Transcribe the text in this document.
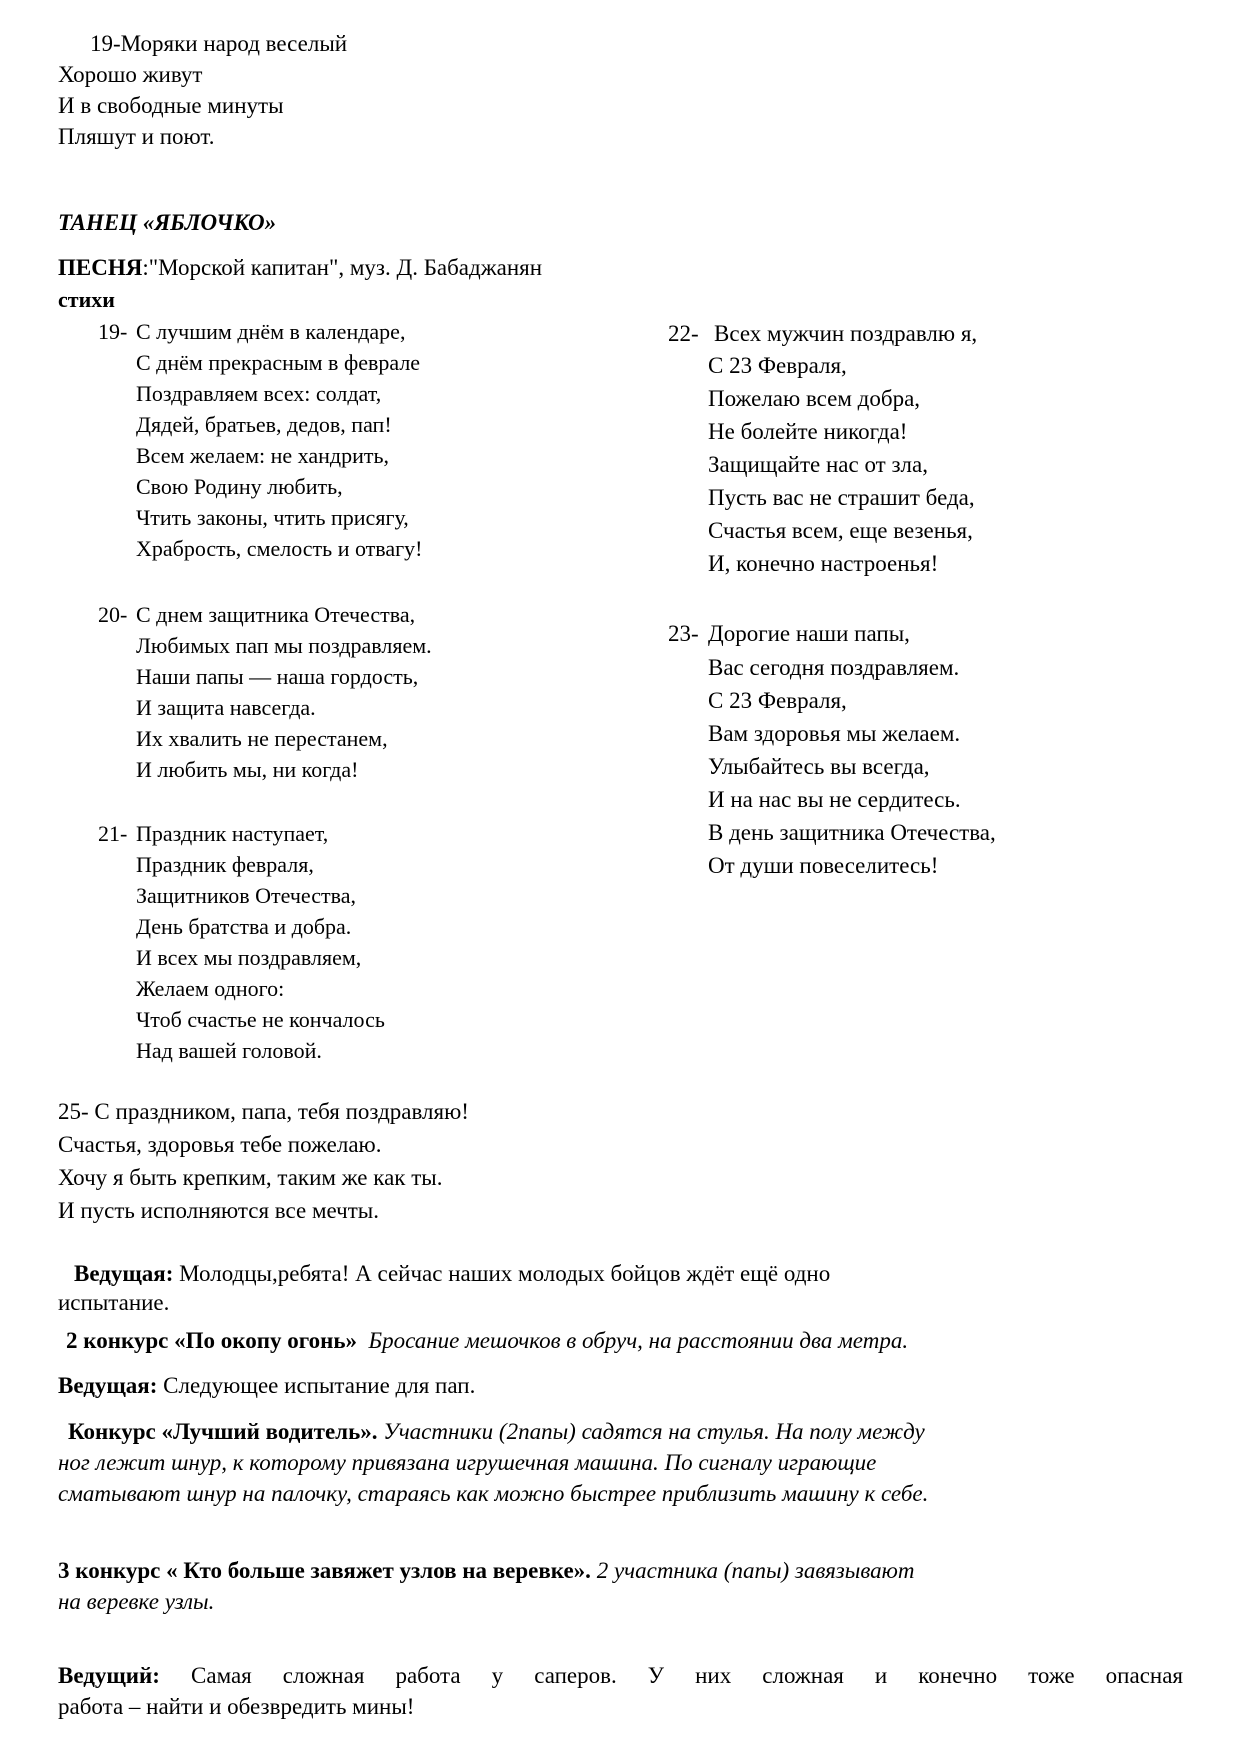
19-Моряки народ веселый
Хорошо живут
И в свободные минуты
Пляшут и поют.
ТАНЕЦ «ЯБЛОЧКО»
ПЕСНЯ:"Морской капитан", муз. Д. Бабаджанян
стихи
19- С лучшим днём в календаре,
С днём прекрасным в феврале
Поздравляем всех: солдат,
Дядей, братьев, дедов, пап!
Всем желаем: не хандрить,
Свою Родину любить,
Чтить законы, чтить присягу,
Храбрость, смелость и отвагу!
20- С днем защитника Отечества,
Любимых пап мы поздравляем.
Наши папы — наша гордость,
И защита навсегда.
Их хвалить не перестанем,
И любить мы, ни когда!
21- Праздник наступает,
Праздник февраля,
Защитников Отечества,
День братства и добра.
И всех мы поздравляем,
Желаем одного:
Чтоб счастье не кончалось
Над вашей головой.
22- Всех мужчин поздравлю я,
С 23 Февраля,
Пожелаю всем добра,
Не болейте никогда!
Защищайте нас от зла,
Пусть вас не страшит беда,
Счастья всем, еще везенья,
И, конечно настроенья!
23- Дорогие наши папы,
Вас сегодня поздравляем.
С 23 Февраля,
Вам здоровья мы желаем.
Улыбайтесь вы всегда,
И на нас вы не сердитесь.
В день защитника Отечества,
От души повеселитесь!
25- С праздником, папа, тебя поздравляю!
Счастья, здоровья тебе пожелаю.
Хочу я быть крепким, таким же как ты.
И пусть исполняются все мечты.
Ведущая: Молодцы,ребята! А сейчас наших молодых бойцов ждёт ещё одно
испытание.
2 конкурс «По окопу огонь» Бросание мешочков в обруч, на расстоянии два метра.
Ведущая: Следующее испытание для пап.
Конкурс «Лучший водитель». Участники (2папы) садятся на стулья. На полу между
ног лежит шнур, к которому привязана игрушечная машина. По сигналу играющие
сматывают шнур на палочку, стараясь как можно быстрее приблизить машину к себе.
3 конкурс « Кто больше завяжет узлов на веревке». 2 участника (папы) завязывают
на веревке узлы.
Ведущий: Самая сложная работа у саперов. У них сложная и конечно тоже опасная
работа – найти и обезвредить мины!
